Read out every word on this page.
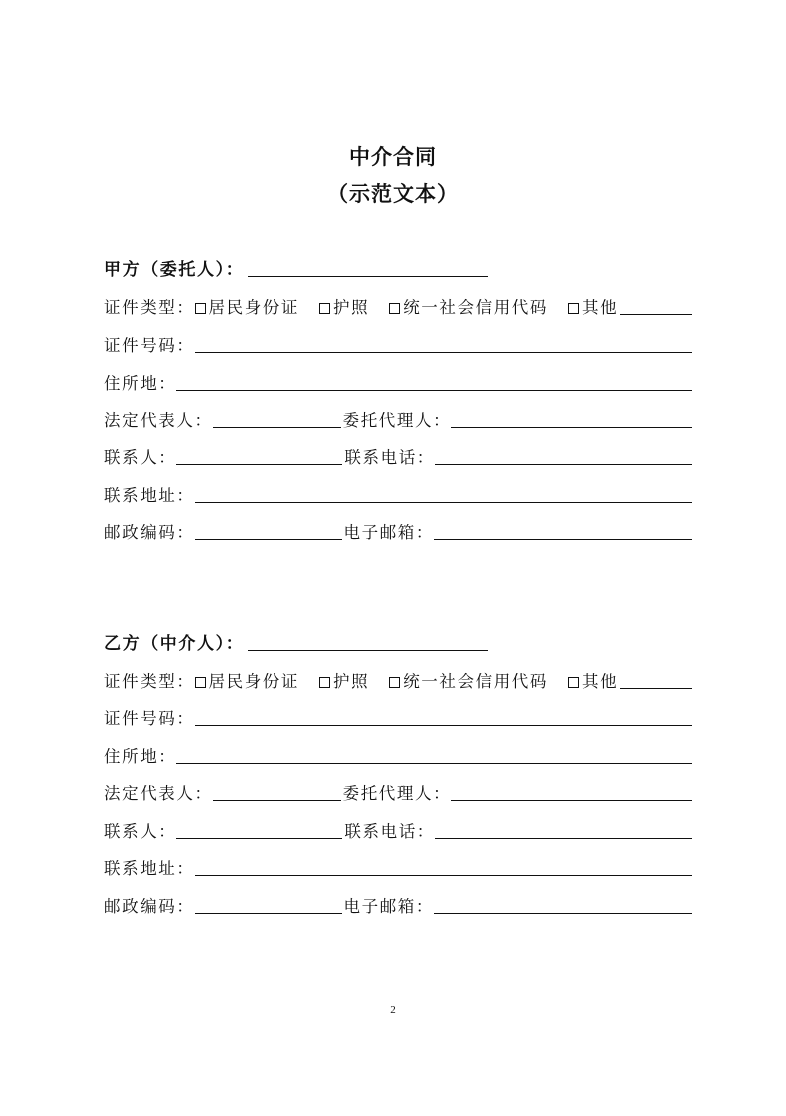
中介合同
（示范文本）
甲方（委托人）：
证件类型： 居民身份证 护照 统一社会信用代码 其他
证件号码：
住所地：
法定代表人：	委托代理人：
联系人：	联系电话：
联系地址：
邮政编码：	电子邮箱：
乙方（中介人）：
证件类型： 居民身份证 护照 统一社会信用代码 其他
证件号码：
住所地：
法定代表人：	委托代理人：
联系人：	联系电话：
联系地址：
邮政编码：	电子邮箱：
2
